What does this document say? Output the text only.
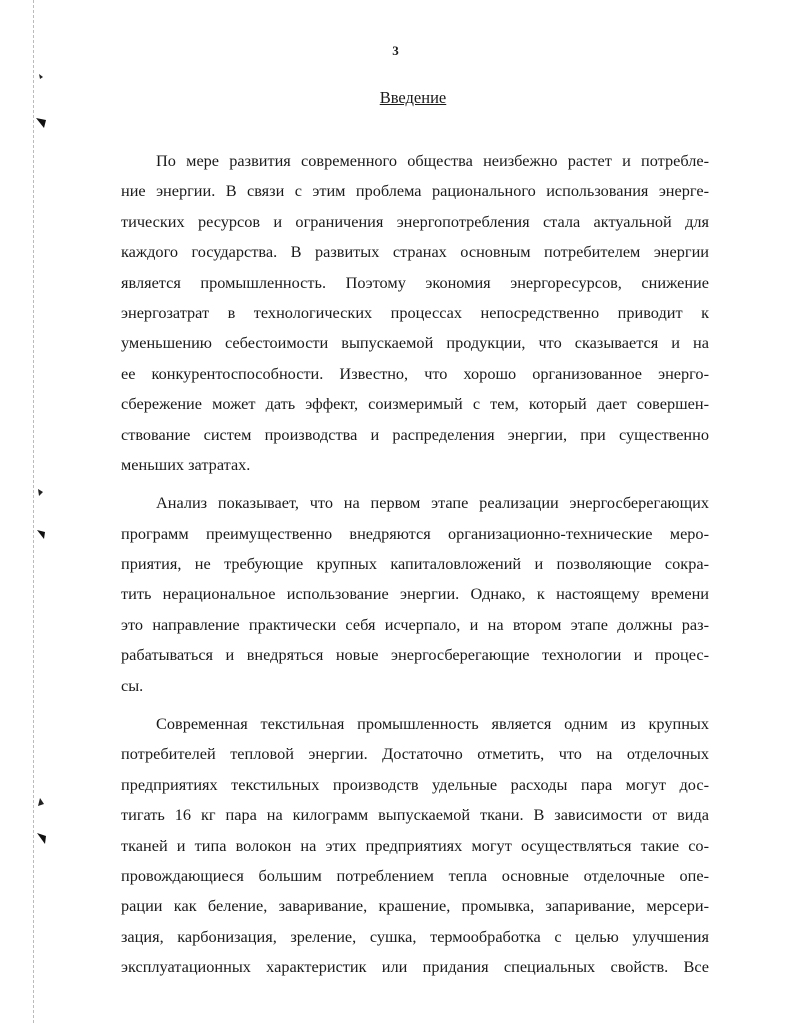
3
Введение
По мере развития современного общества неизбежно растет и потребле-
ние энергии. В связи с этим проблема рационального использования энерге-
тических ресурсов и ограничения энергопотребления стала актуальной для
каждого государства. В развитых странах основным потребителем энергии
является промышленность. Поэтому экономия энергоресурсов, снижение
энергозатрат в технологических процессах непосредственно приводит к
уменьшению себестоимости выпускаемой продукции, что сказывается и на
ее конкурентоспособности. Известно, что хорошо организованное энерго-
сбережение может дать эффект, соизмеримый с тем, который дает совершен-
ствование систем производства и распределения энергии, при существенно
меньших затратах.
Анализ показывает, что на первом этапе реализации энергосберегающих
программ преимущественно внедряются организационно-технические меро-
приятия, не требующие крупных капиталовложений и позволяющие сокра-
тить нерациональное использование энергии. Однако, к настоящему времени
это направление практически себя исчерпало, и на втором этапе должны раз-
рабатываться и внедряться новые энергосберегающие технологии и процес-
сы.
Современная текстильная промышленность является одним из крупных
потребителей тепловой энергии. Достаточно отметить, что на отделочных
предприятиях текстильных производств удельные расходы пара могут дос-
тигать 16 кг пара на килограмм выпускаемой ткани. В зависимости от вида
тканей и типа волокон на этих предприятиях могут осуществляться такие со-
провождающиеся большим потреблением тепла основные отделочные опе-
рации как беление, заваривание, крашение, промывка, запаривание, мерсери-
зация, карбонизация, зреление, сушка, термообработка с целью улучшения
эксплуатационных характеристик или придания специальных свойств. Все
